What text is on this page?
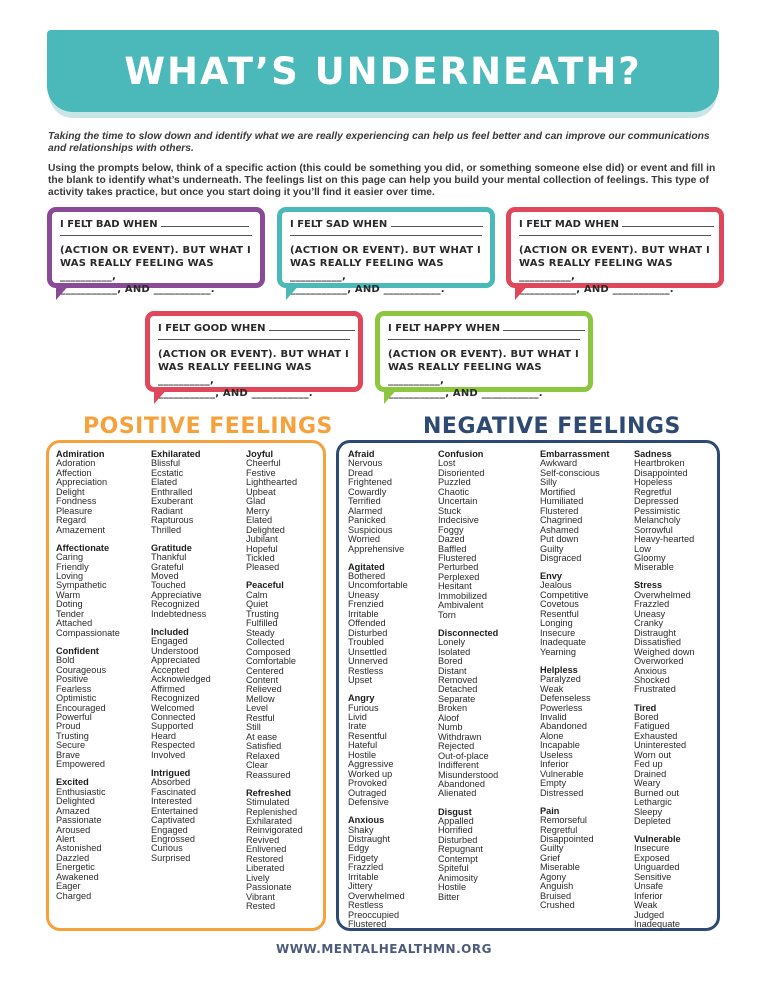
WHAT’S UNDERNEATH?

Taking the time to slow down and identify what we are really experiencing can help us feel better and can improve our communications and relationships with others.

Using the prompts below, think of a specific action (this could be something you did, or something someone else did) or event and fill in the blank to identify what’s underneath. The feelings list on this page can help you build your mental collection of feelings. This type of activity takes practice, but once you start doing it you’ll find it easier over time.

I FELT BAD WHEN
(ACTION OR EVENT). BUT WHAT I WAS REALLY FEELING WAS __________,
___________, AND ___________.
I FELT SAD WHEN
(ACTION OR EVENT). BUT WHAT I WAS REALLY FEELING WAS __________,
___________, AND ___________.
I FELT MAD WHEN
(ACTION OR EVENT). BUT WHAT I WAS REALLY FEELING WAS __________,
___________, AND ___________.
I FELT GOOD WHEN
(ACTION OR EVENT). BUT WHAT I WAS REALLY FEELING WAS __________,
___________, AND ___________.
I FELT HAPPY WHEN
(ACTION OR EVENT). BUT WHAT I WAS REALLY FEELING WAS __________,
___________, AND ___________.
POSITIVE FEELINGS	NEGATIVE FEELINGS
Admiration
Adoration
Affection
Appreciation
Delight
Fondness
Pleasure
Regard
Amazement
Affectionate
Caring
Friendly
Loving
Sympathetic
Warm
Doting
Tender
Attached
Compassionate
Confident
Bold
Courageous
Positive
Fearless
Optimistic
Encouraged
Powerful
Proud
Trusting
Secure
Brave
Empowered
Excited
Enthusiastic
Delighted
Amazed
Passionate
Aroused
Alert
Astonished
Dazzled
Energetic
Awakened
Eager
Charged
Exhilarated
Blissful
Ecstatic
Elated
Enthralled
Exuberant
Radiant
Rapturous
Thrilled
Gratitude
Thankful
Grateful
Moved
Touched
Appreciative
Recognized
Indebtedness
Included
Engaged
Understood
Appreciated
Accepted
Acknowledged
Affirmed
Recognized
Welcomed
Connected
Supported
Heard
Respected
Involved
Intrigued
Absorbed
Fascinated
Interested
Entertained
Captivated
Engaged
Engrossed
Curious
Surprised
Joyful
Cheerful
Festive
Lighthearted
Upbeat
Glad
Merry
Elated
Delighted
Jubilant
Hopeful
Tickled
Pleased
Peaceful
Calm
Quiet
Trusting
Fulfilled
Steady
Collected
Composed
Comfortable
Centered
Content
Relieved
Mellow
Level
Restful
Still
At ease
Satisfied
Relaxed
Clear
Reassured
Refreshed
Stimulated
Replenished
Exhilarated
Reinvigorated
Revived
Enlivened
Restored
Liberated
Lively
Passionate
Vibrant
Rested
Afraid
Nervous
Dread
Frightened
Cowardly
Terrified
Alarmed
Panicked
Suspicious
Worried
Apprehensive
Agitated
Bothered
Uncomfortable
Uneasy
Frenzied
Irritable
Offended
Disturbed
Troubled
Unsettled
Unnerved
Restless
Upset
Angry
Furious
Livid
Irate
Resentful
Hateful
Hostile
Aggressive
Worked up
Provoked
Outraged
Defensive
Anxious
Shaky
Distraught
Edgy
Fidgety
Frazzled
Irritable
Jittery
Overwhelmed
Restless
Preoccupied
Flustered
Confusion
Lost
Disoriented
Puzzled
Chaotic
Uncertain
Stuck
Indecisive
Foggy
Dazed
Baffled
Flustered
Perturbed
Perplexed
Hesitant
Immobilized
Ambivalent
Torn
Disconnected
Lonely
Isolated
Bored
Distant
Removed
Detached
Separate
Broken
Aloof
Numb
Withdrawn
Rejected
Out-of-place
Indifferent
Misunderstood
Abandoned
Alienated
Disgust
Appalled
Horrified
Disturbed
Repugnant
Contempt
Spiteful
Animosity
Hostile
Bitter
Embarrassment
Awkward
Self-conscious
Silly
Mortified
Humiliated
Flustered
Chagrined
Ashamed
Put down
Guilty
Disgraced
Envy
Jealous
Competitive
Covetous
Resentful
Longing
Insecure
Inadequate
Yearning
Helpless
Paralyzed
Weak
Defenseless
Powerless
Invalid
Abandoned
Alone
Incapable
Useless
Inferior
Vulnerable
Empty
Distressed
Pain
Remorseful
Regretful
Disappointed
Guilty
Grief
Miserable
Agony
Anguish
Bruised
Crushed
Sadness
Heartbroken
Disappointed
Hopeless
Regretful
Depressed
Pessimistic
Melancholy
Sorrowful
Heavy-hearted
Low
Gloomy
Miserable
Stress
Overwhelmed
Frazzled
Uneasy
Cranky
Distraught
Dissatisfied
Weighed down
Overworked
Anxious
Shocked
Frustrated
Tired
Bored
Fatigued
Exhausted
Uninterested
Worn out
Fed up
Drained
Weary
Burned out
Lethargic
Sleepy
Depleted
Vulnerable
Insecure
Exposed
Unguarded
Sensitive
Unsafe
Inferior
Weak
Judged
Inadequate
WWW.MENTALHEALTHMN.ORG
